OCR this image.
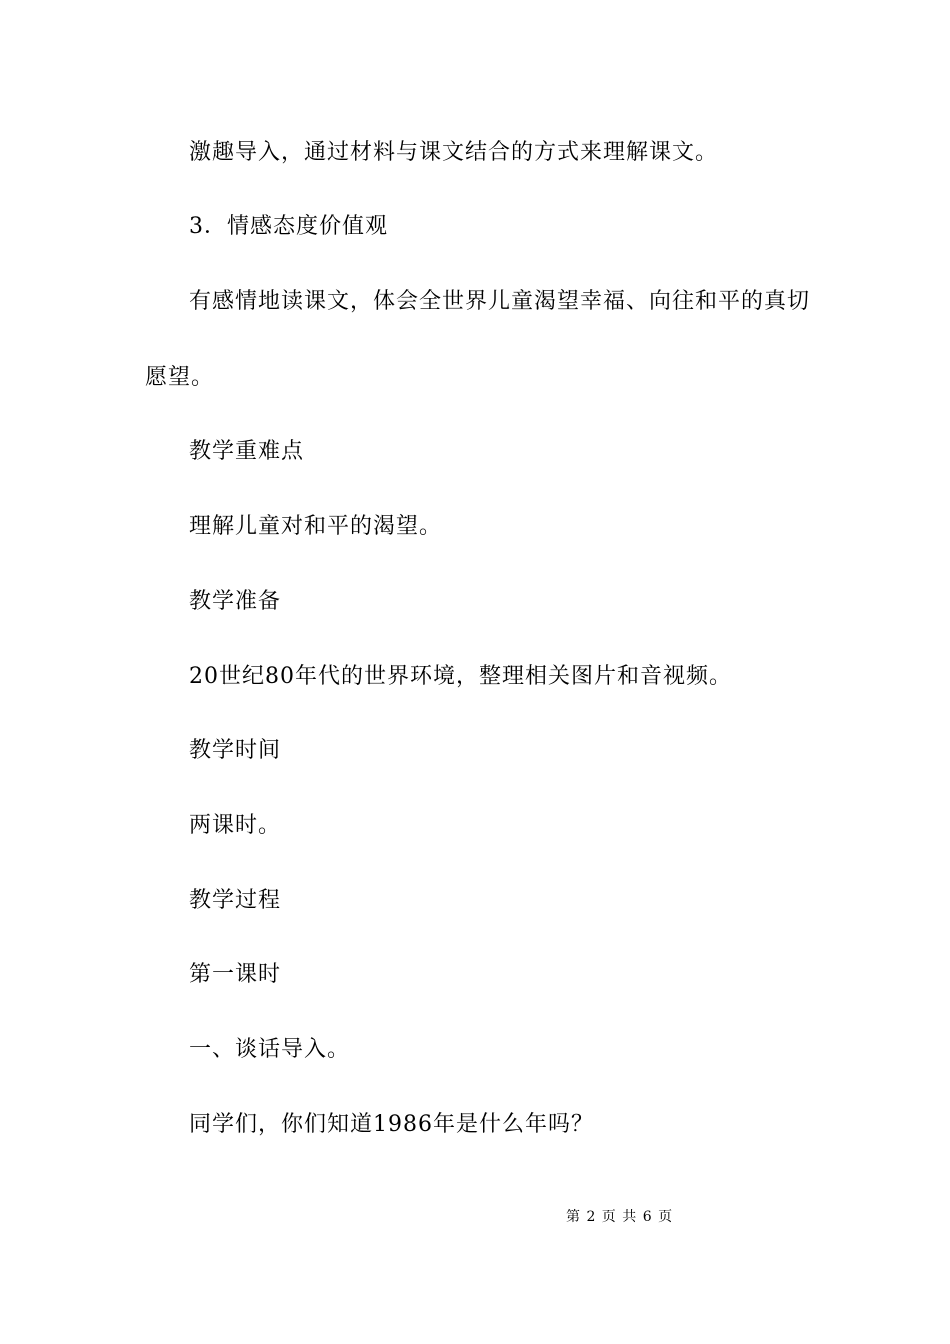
激趣导入，通过材料与课文结合的方式来理解课文。
3．情感态度价值观
有感情地读课文，体会全世界儿童渴望幸福、向往和平的真切
愿望。
教学重难点
理解儿童对和平的渴望。
教学准备
20世纪80年代的世界环境，整理相关图片和音视频。
教学时间
两课时。
教学过程
第一课时
一、谈话导入。
同学们，你们知道1986年是什么年吗？
第 2 页 共 6 页
